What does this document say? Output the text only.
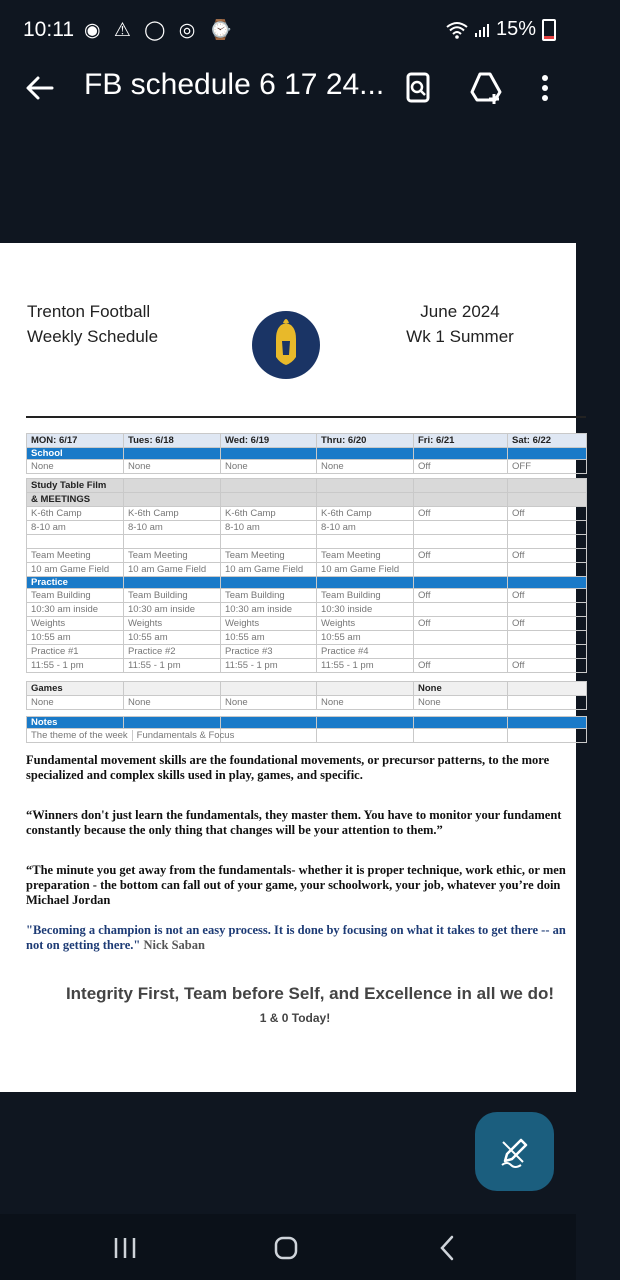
10:11 ◉ ⚠ ◯ ◎ ⌚	15%
FB schedule 6 17 24...
Trenton Football
Weekly Schedule
June 2024
Wk 1 Summer
MON: 6/17	Tues: 6/18	Wed: 6/19	Thru: 6/20	Fri: 6/21	Sat: 6/22
School					
None	None	None	None	Off	OFF

Study Table Film					
& MEETINGS					
K-6th Camp	K-6th Camp	K-6th Camp	K-6th Camp	Off	Off
8-10 am	8-10 am	8-10 am	8-10 am		

Team Meeting	Team Meeting	Team Meeting	Team Meeting	Off	Off
10 am Game Field	10 am Game Field	10 am Game Field	10 am Game Field		
Practice					
Team Building	Team Building	Team Building	Team Building	Off	Off
10:30 am inside	10:30 am inside	10:30 am inside	10:30 inside		
Weights	Weights	Weights	Weights	Off	Off
10:55 am	10:55 am	10:55 am	10:55 am		
Practice #1	Practice #2	Practice #3	Practice #4		
11:55 - 1 pm	11:55 - 1 pm	11:55 - 1 pm	11:55 - 1 pm	Off	Off

Games				None	
None	None	None	None	None	

Notes					

The theme of the week Fundamentals & Focus					

Fundamental movement skills are the foundational movements, or precursor patterns, to the more
specialized and complex skills used in play, games, and specific.
“Winners don't just learn the fundamentals, they master them. You have to monitor your fundament
constantly because the only thing that changes will be your attention to them.”
“The minute you get away from the fundamentals- whether it is proper technique, work ethic, or men
preparation - the bottom can fall out of your game, your schoolwork, your job, whatever you’re doin
Michael Jordan
"Becoming a champion is not an easy process. It is done by focusing on what it takes to get there -- an
not on getting there." Nick Saban
Integrity First, Team before Self, and Excellence in all we do!
1 & 0 Today!
